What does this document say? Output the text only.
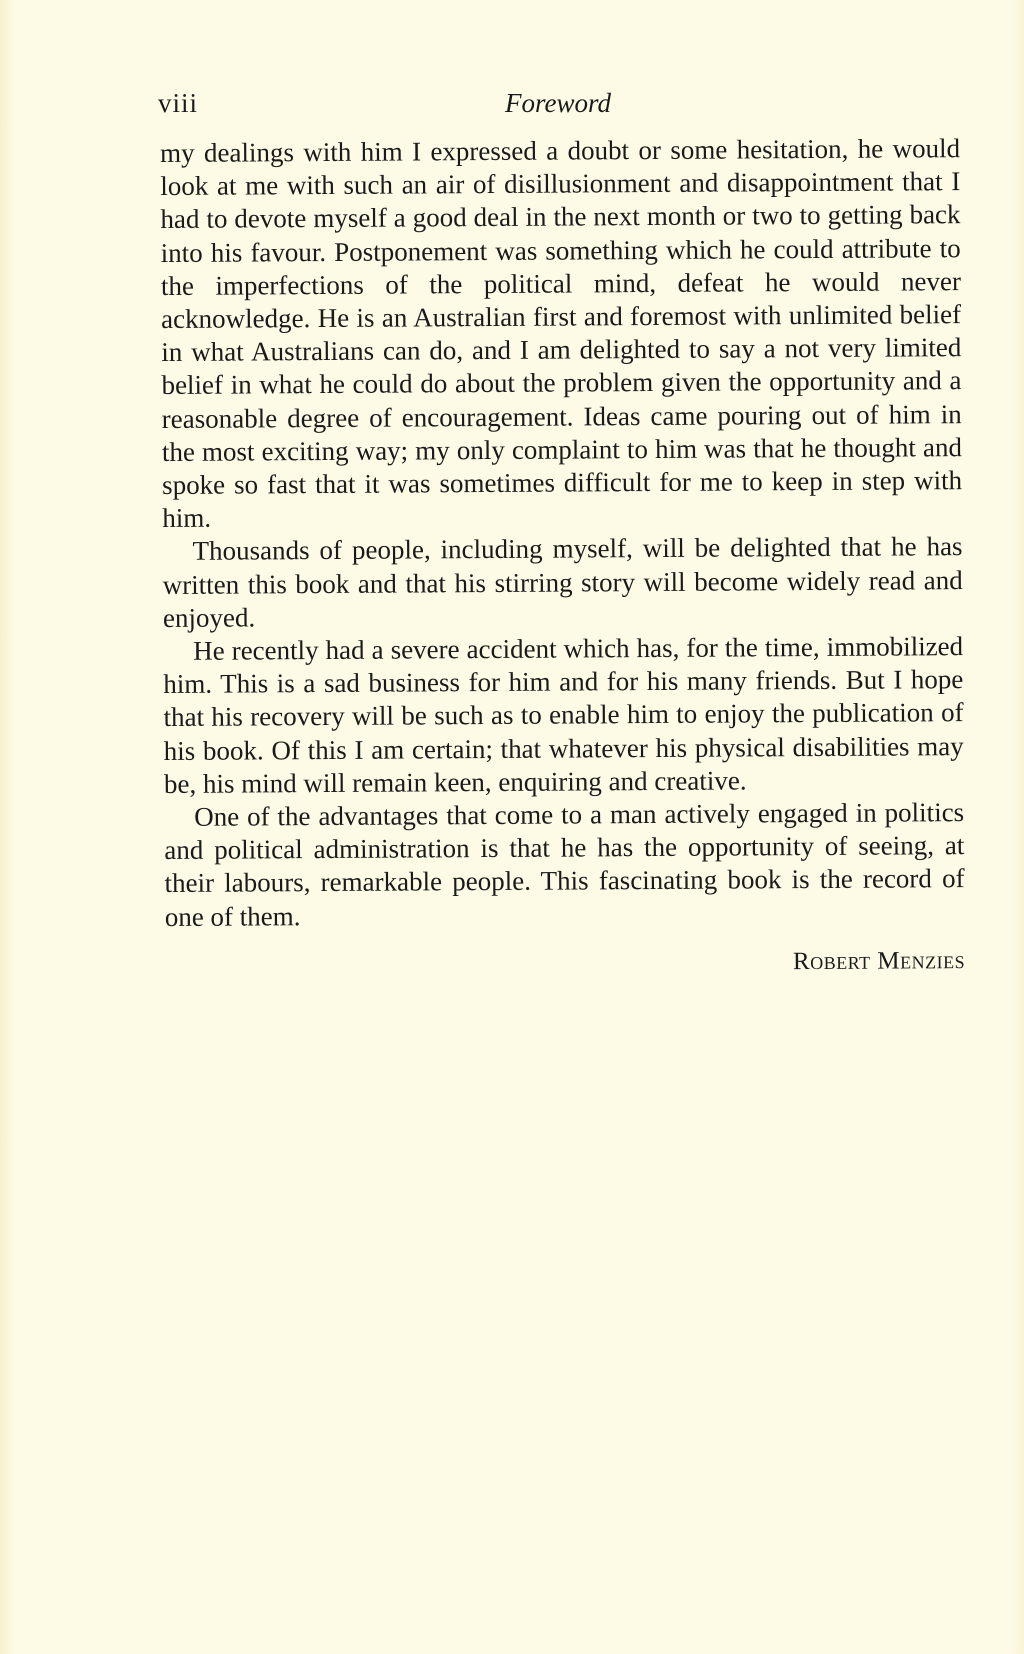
viii	Foreword

my dealings with him I expressed a doubt or some hesitation, he would look at me with such an air of disillusionment and disappointment that I had to devote myself a good deal in the next month or two to getting back into his favour. Postponement was something which he could attribute to the imperfections of the political mind, defeat he would never acknowledge. He is an Australian first and foremost with unlimited belief in what Australians can do, and I am delighted to say a not very limited belief in what he could do about the problem given the opportunity and a reasonable degree of encouragement. Ideas came pouring out of him in the most exciting way; my only complaint to him was that he thought and spoke so fast that it was sometimes difficult for me to keep in step with him.

Thousands of people, including myself, will be delighted that he has written this book and that his stirring story will become widely read and enjoyed.

He recently had a severe accident which has, for the time, immobilized him. This is a sad business for him and for his many friends. But I hope that his recovery will be such as to enable him to enjoy the publication of his book. Of this I am certain; that whatever his physical disabilities may be, his mind will remain keen, enquiring and creative.

One of the advantages that come to a man actively engaged in politics and political administration is that he has the opportunity of seeing, at their labours, remarkable people. This fascinating book is the record of one of them.

Robert Menzies
